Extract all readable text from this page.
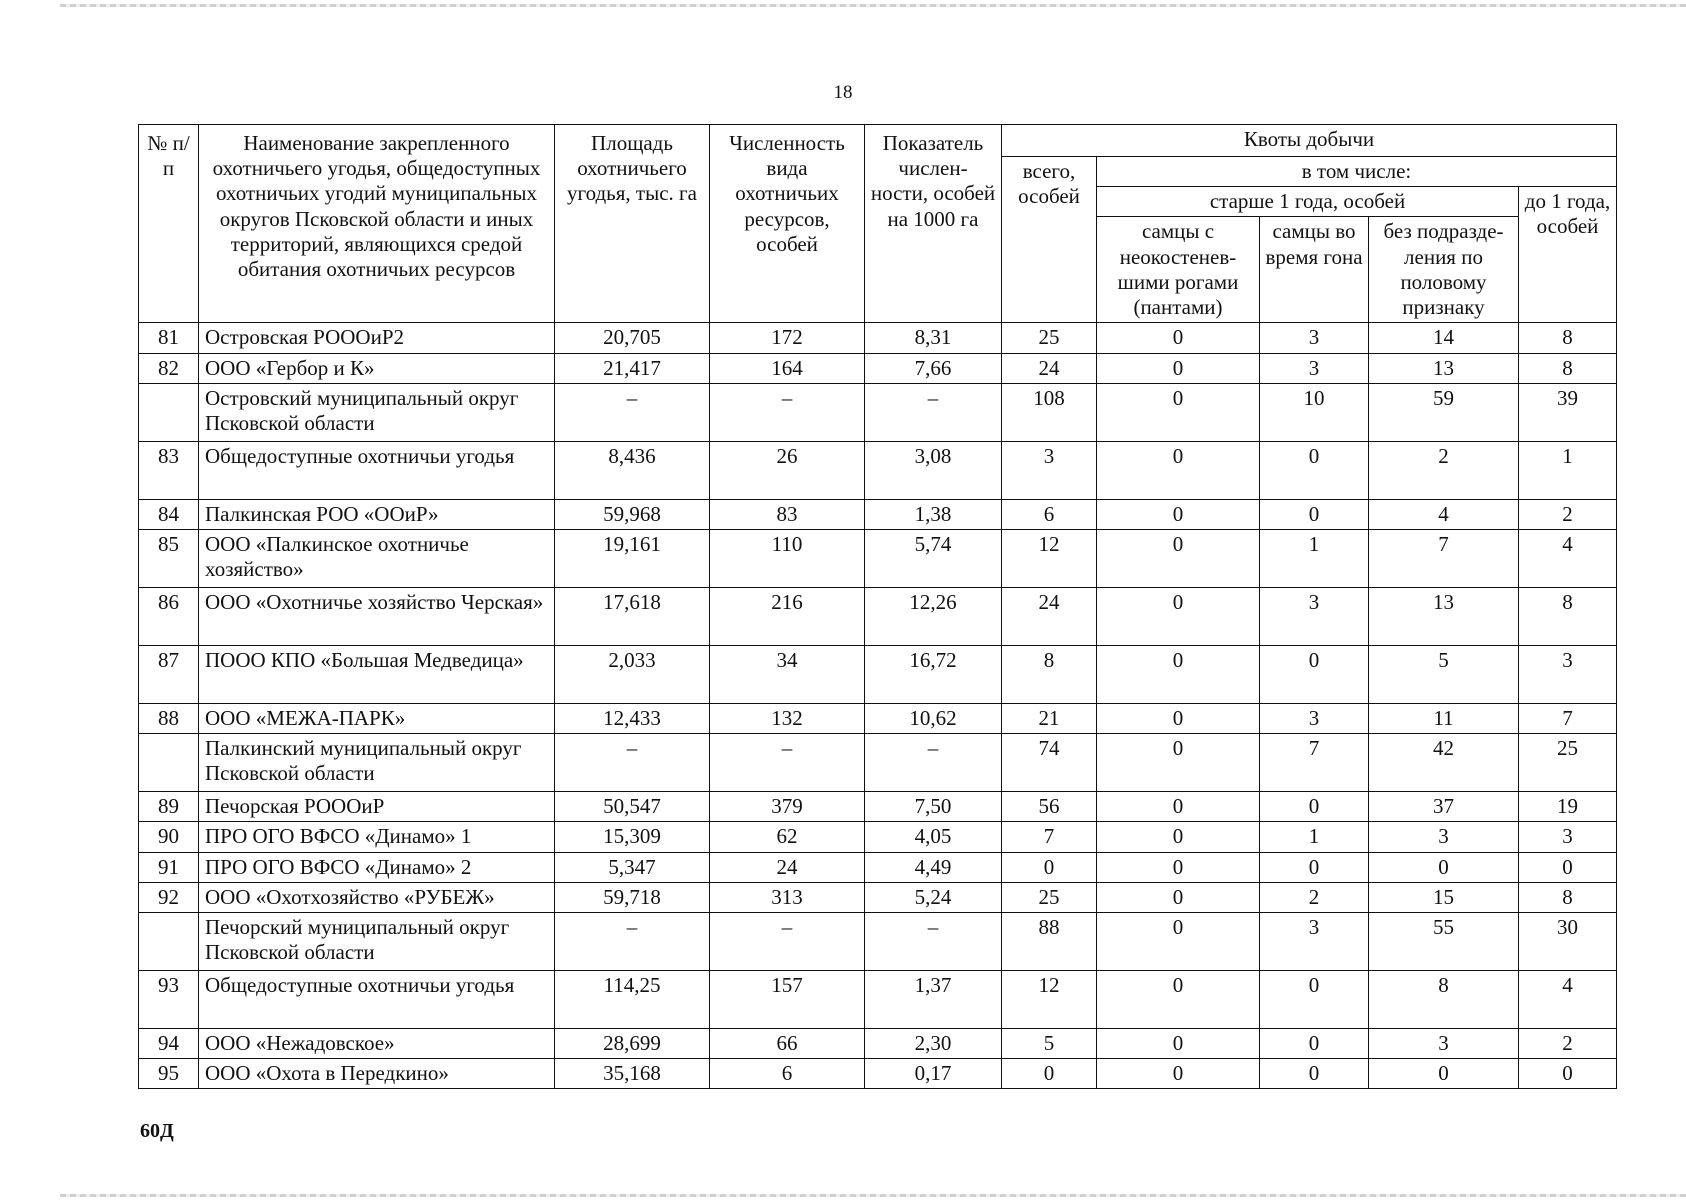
18
№ п/п	Наименование закрепленного охотничьего угодья, общедоступных охотничьих угодий муниципальных округов Псковской области и иных территорий, являющихся средой обитания охотничьих ресурсов	Площадь охотничьего угодья, тыс. га	Численность вида охотничьих ресурсов, особей	Показатель числен-ности, особей на 1000 га	Квоты добычи				
					всего, особей	в том числе:			
						старше 1 года, особей			до 1 года, особей
						самцы с неокостенев-шими рогами (пантами)	самцы во время гона	без подразде-ления по половому признаку	
81	Островская РОООиР2	20,705	172	8,31	25	0	3	14	8
82	ООО «Гербор и К»	21,417	164	7,66	24	0	3	13	8
	Островский муниципальный округ Псковской области	–	–	–	108	0	10	59	39
83	Общедоступные охотничьи угодья	8,436	26	3,08	3	0	0	2	1
84	Палкинская РОО «ООиР»	59,968	83	1,38	6	0	0	4	2
85	ООО «Палкинское охотничье хозяйство»	19,161	110	5,74	12	0	1	7	4
86	ООО «Охотничье хозяйство Черская»	17,618	216	12,26	24	0	3	13	8
87	ПООО КПО «Большая Медведица»	2,033	34	16,72	8	0	0	5	3
88	ООО «МЕЖА-ПАРК»	12,433	132	10,62	21	0	3	11	7
	Палкинский муниципальный округ Псковской области	–	–	–	74	0	7	42	25
89	Печорская РОООиР	50,547	379	7,50	56	0	0	37	19
90	ПРО ОГО ВФСО «Динамо» 1	15,309	62	4,05	7	0	1	3	3
91	ПРО ОГО ВФСО «Динамо» 2	5,347	24	4,49	0	0	0	0	0
92	ООО «Охотхозяйство «РУБЕЖ»	59,718	313	5,24	25	0	2	15	8
	Печорский муниципальный округ Псковской области	–	–	–	88	0	3	55	30
93	Общедоступные охотничьи угодья	114,25	157	1,37	12	0	0	8	4
94	ООО «Нежадовское»	28,699	66	2,30	5	0	0	3	2
95	ООО «Охота в Передкино»	35,168	6	0,17	0	0	0	0	0
60Д
